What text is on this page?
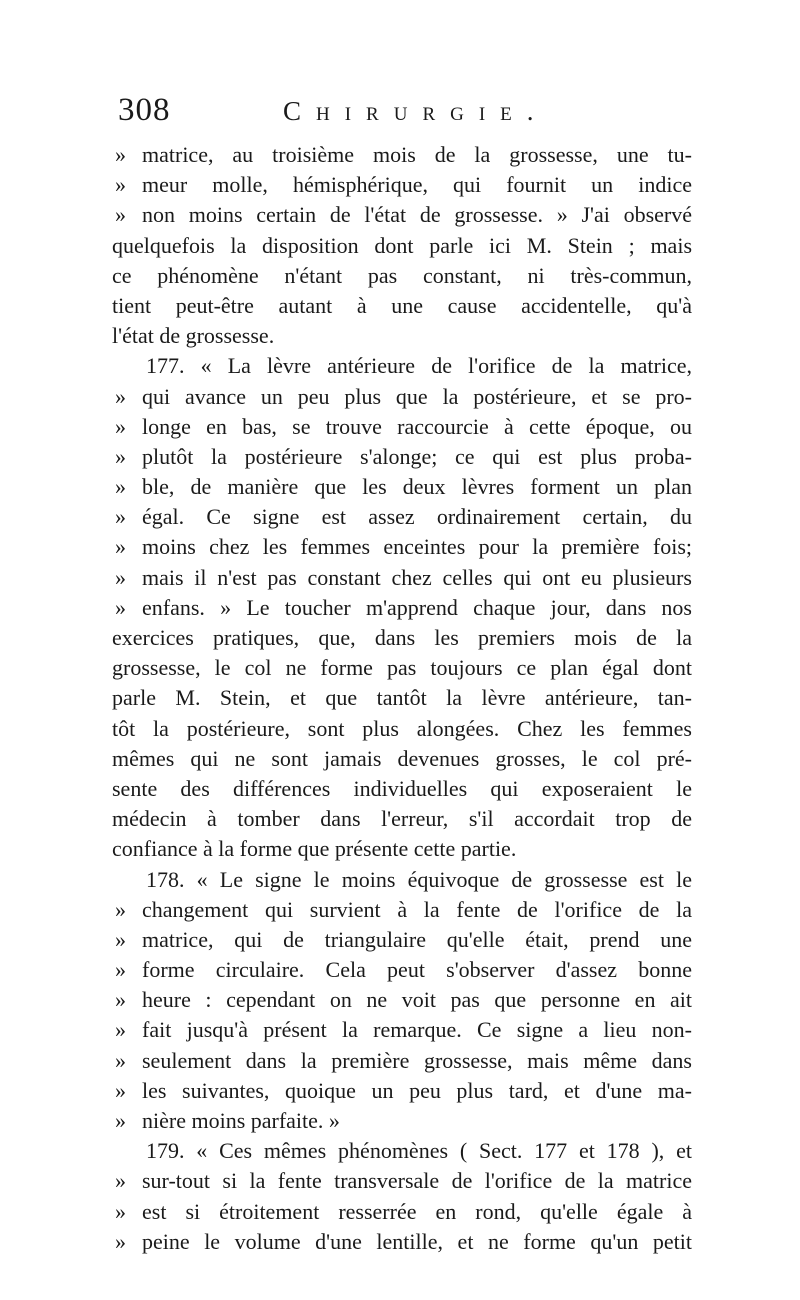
308	Chirurgie.
» matrice, au troisième mois de la grossesse, une tu-
» meur molle, hémisphérique, qui fournit un indice
» non moins certain de l'état de grossesse. » J'ai observé
quelquefois la disposition dont parle ici M. Stein ; mais
ce phénomène n'étant pas constant, ni très-commun,
tient peut-être autant à une cause accidentelle, qu'à
l'état de grossesse.
177. « La lèvre antérieure de l'orifice de la matrice,
» qui avance un peu plus que la postérieure, et se pro-
» longe en bas, se trouve raccourcie à cette époque, ou
» plutôt la postérieure s'alonge; ce qui est plus proba-
» ble, de manière que les deux lèvres forment un plan
» égal. Ce signe est assez ordinairement certain, du
» moins chez les femmes enceintes pour la première fois;
» mais il n'est pas constant chez celles qui ont eu plusieurs
» enfans. » Le toucher m'apprend chaque jour, dans nos
exercices pratiques, que, dans les premiers mois de la
grossesse, le col ne forme pas toujours ce plan égal dont
parle M. Stein, et que tantôt la lèvre antérieure, tan-
tôt la postérieure, sont plus alongées. Chez les femmes
mêmes qui ne sont jamais devenues grosses, le col pré-
sente des différences individuelles qui exposeraient le
médecin à tomber dans l'erreur, s'il accordait trop de
confiance à la forme que présente cette partie.
178. « Le signe le moins équivoque de grossesse est le
» changement qui survient à la fente de l'orifice de la
» matrice, qui de triangulaire qu'elle était, prend une
» forme circulaire. Cela peut s'observer d'assez bonne
» heure : cependant on ne voit pas que personne en ait
» fait jusqu'à présent la remarque. Ce signe a lieu non-
» seulement dans la première grossesse, mais même dans
» les suivantes, quoique un peu plus tard, et d'une ma-
» nière moins parfaite. »
179. « Ces mêmes phénomènes ( Sect. 177 et 178 ), et
» sur-tout si la fente transversale de l'orifice de la matrice
» est si étroitement resserrée en rond, qu'elle égale à
» peine le volume d'une lentille, et ne forme qu'un petit
